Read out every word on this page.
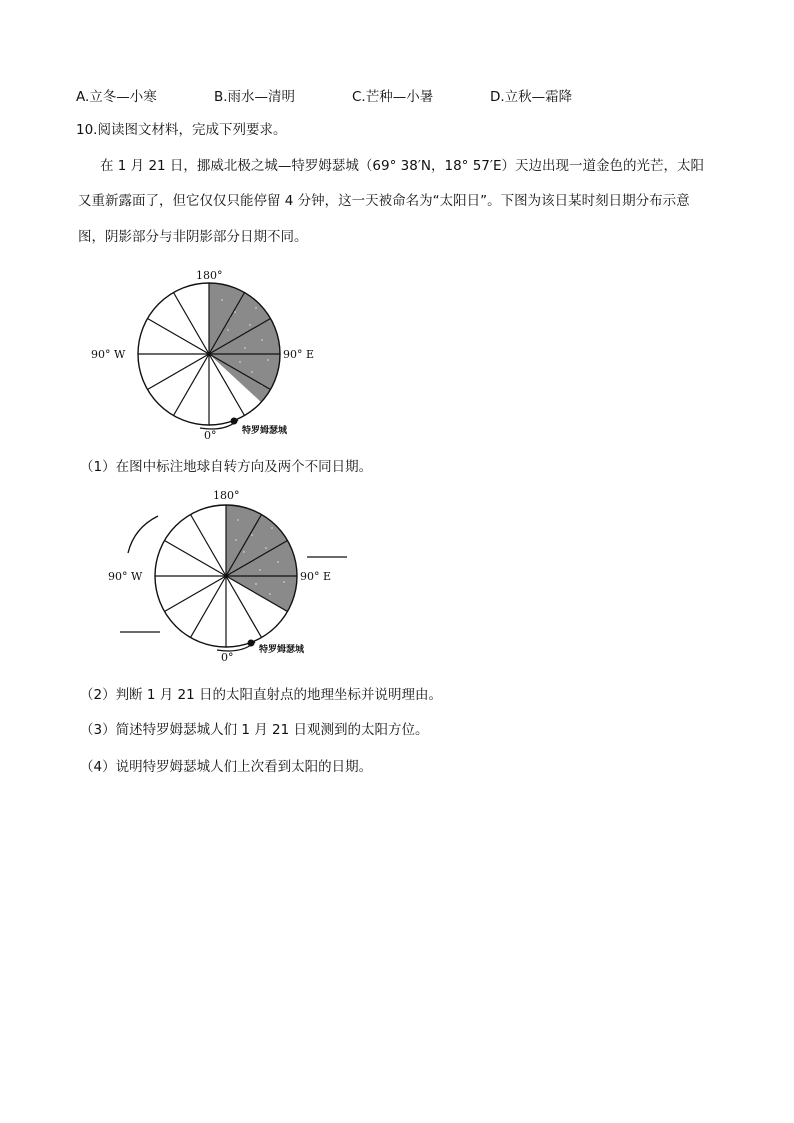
A.立冬—小寒	B.雨水—清明	C.芒种—小暑	D.立秋—霜降
10.阅读图文材料，完成下列要求。
在 1 月 21 日，挪威北极之城—特罗姆瑟城（69° 38′N，18° 57′E）天边出现一道金色的光芒，太阳
又重新露面了，但它仅仅只能停留 4 分钟，这一天被命名为“太阳日”。下图为该日某时刻日期分布示意
图，阴影部分与非阴影部分日期不同。
180°
90° W	90° E
0°	特罗姆瑟城
（1）在图中标注地球自转方向及两个不同日期。
180°
90° W	90° E
0°
特罗姆瑟城
（2）判断 1 月 21 日的太阳直射点的地理坐标并说明理由。
（3）简述特罗姆瑟城人们 1 月 21 日观测到的太阳方位。
（4）说明特罗姆瑟城人们上次看到太阳的日期。
